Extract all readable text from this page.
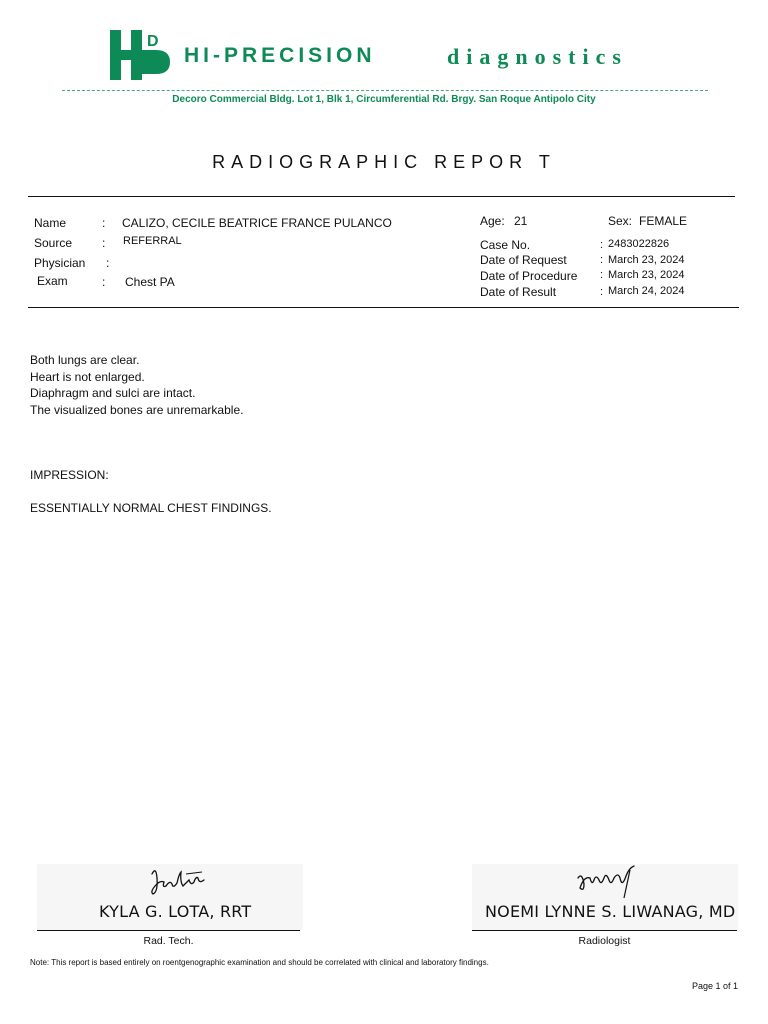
D
HI-PRECISION	diagnostics
Decoro Commercial Bldg. Lot 1, Blk 1, Circumferential Rd. Brgy. San Roque Antipolo City
RADIOGRAPHIC REPOR T
Name	: CALIZO, CECILE BEATRICE FRANCE PULANCO
Source : REFERRAL
Physician :
Exam	: Chest PA
Age: 21	Sex: FEMALE
Case No.	: 2483022826
Date of Request	: March 23, 2024
Date of Procedure : March 23, 2024
Date of Result	: March 24, 2024
Both lungs are clear.
Heart is not enlarged.
Diaphragm and sulci are intact.
The visualized bones are unremarkable.
IMPRESSION:
ESSENTIALLY NORMAL CHEST FINDINGS.
KYLA G. LOTA, RRT
Rad. Tech.
NOEMI LYNNE S. LIWANAG, MD
Radiologist
Note: This report is based entirely on roentgenographic examination and should be correlated with clinical and laboratory findings.
Page 1 of 1
